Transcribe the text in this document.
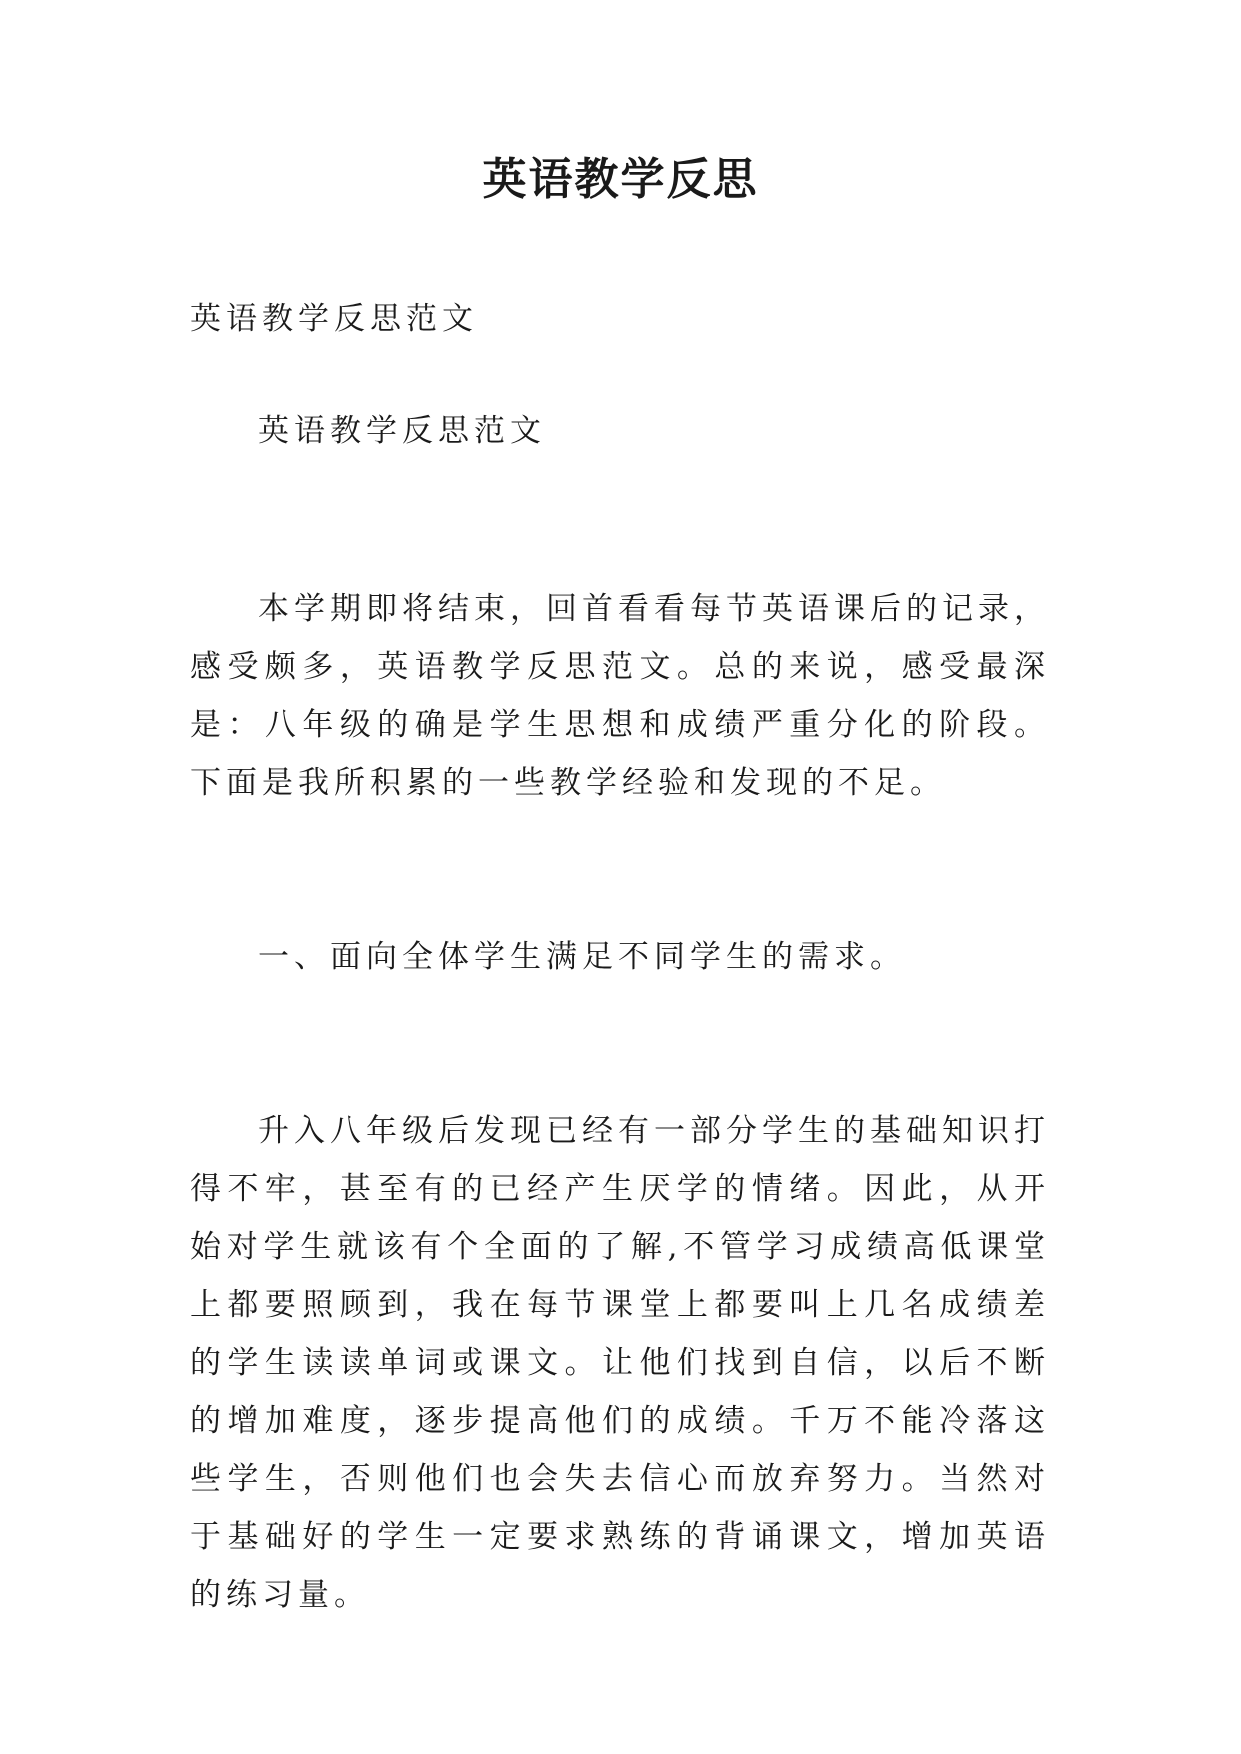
英语教学反思

英语教学反思范文

英语教学反思范文

本学期即将结束，回首看看每节英语课后的记录，感受颇多，英语教学反思范文。总的来说，感受最深是：八年级的确是学生思想和成绩严重分化的阶段。下面是我所积累的一些教学经验和发现的不足。

一、面向全体学生满足不同学生的需求。

升入八年级后发现已经有一部分学生的基础知识打得不牢，甚至有的已经产生厌学的情绪。因此，从开始对学生就该有个全面的了解,不管学习成绩高低课堂上都要照顾到，我在每节课堂上都要叫上几名成绩差的学生读读单词或课文。让他们找到自信，以后不断的增加难度，逐步提高他们的成绩。千万不能冷落这些学生，否则他们也会失去信心而放弃努力。当然对于基础好的学生一定要求熟练的背诵课文，增加英语的练习量。
